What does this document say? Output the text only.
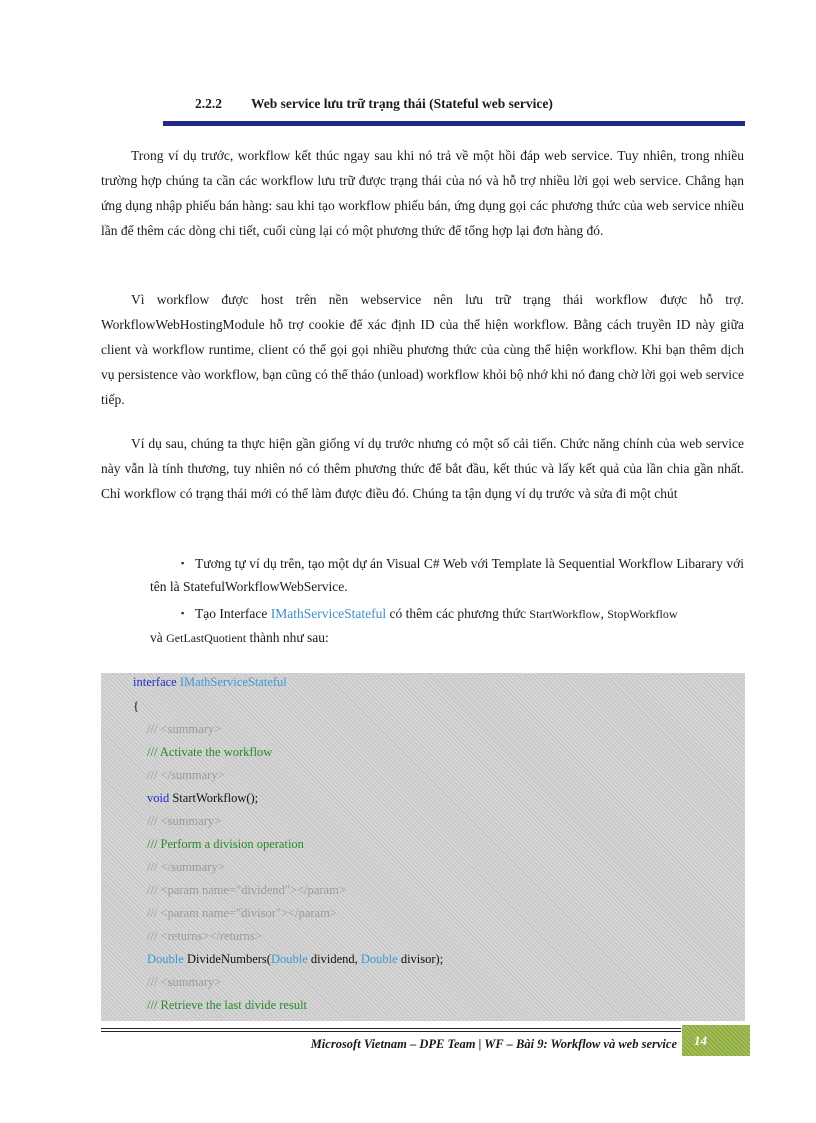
2.2.2 Web service lưu trữ trạng thái (Stateful web service)

Trong ví dụ trước, workflow kết thúc ngay sau khi nó trả về một hồi đáp web service. Tuy nhiên, trong nhiều trường hợp chúng ta cần các workflow lưu trữ được trạng thái của nó và hỗ trợ nhiều lời gọi web service. Chẳng hạn ứng dụng nhập phiếu bán hàng: sau khi tạo workflow phiếu bán, ứng dụng gọi các phương thức của web service nhiều lần để thêm các dòng chi tiết, cuối cùng lại có một phương thức để tổng hợp lại đơn hàng đó.

Vì workflow được host trên nền webservice nên lưu trữ trạng thái workflow được hỗ trợ. WorkflowWebHostingModule hỗ trợ cookie để xác định ID của thể hiện workflow. Bằng cách truyền ID này giữa client và workflow runtime, client có thể gọi gọi nhiều phương thức của cùng thể hiện workflow. Khi bạn thêm dịch vụ persistence vào workflow, bạn cũng có thể tháo (unload) workflow khỏi bộ nhớ khi nó đang chờ lời gọi web service tiếp.

Ví dụ sau, chúng ta thực hiện gần giống ví dụ trước nhưng có một số cải tiến. Chức năng chính của web service này vẫn là tính thương, tuy nhiên nó có thêm phương thức để bắt đầu, kết thúc và lấy kết quả của lần chia gần nhất. Chỉ workflow có trạng thái mới có thể làm được điều đó. Chúng ta tận dụng ví dụ trước và sửa đi một chút

▪ Tương tự ví dụ trên, tạo một dự án Visual C# Web với Template là Sequential Workflow Libarary với tên là StatefulWorkflowWebService.
▪ Tạo Interface IMathServiceStateful có thêm các phương thức StartWorkflow, StopWorkflow
và GetLastQuotient thành như sau:
interface IMathServiceStateful
{
/// <summary>
/// Activate the workflow
/// </summary>
void StartWorkflow();
/// <summary>
/// Perform a division operation
/// </summary>
/// <param name="dividend"></param>
/// <param name="divisor"></param>
/// <returns></returns>
Double DivideNumbers(Double dividend, Double divisor);
/// <summary>
/// Retrieve the last divide result
Microsoft Vietnam – DPE Team | WF – Bài 9: Workflow và web service 14
